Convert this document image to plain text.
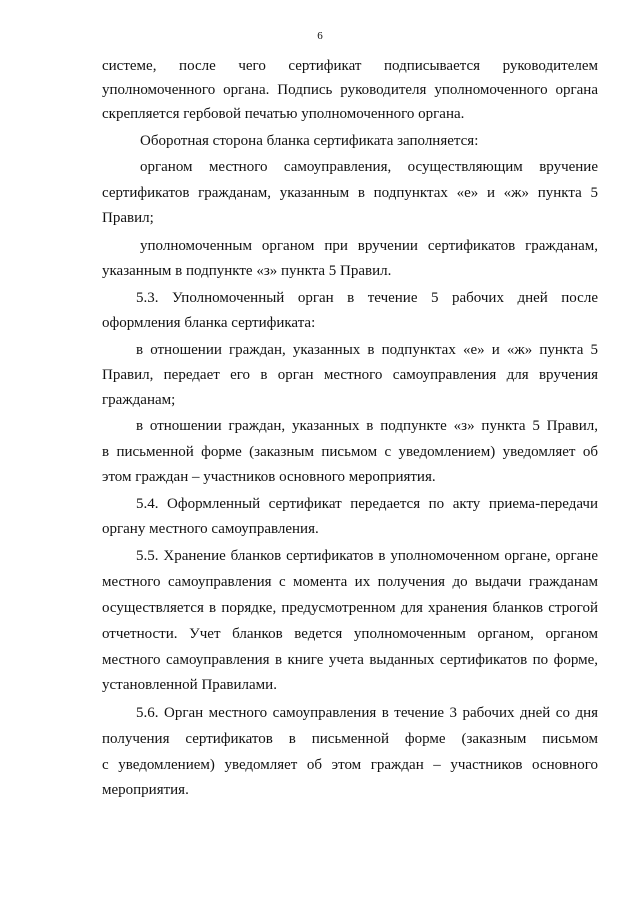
6
системе, после чего сертификат подписывается руководителем
уполномоченного органа. Подпись руководителя уполномоченного органа
скрепляется гербовой печатью уполномоченного органа.
Оборотная сторона бланка сертификата заполняется:
органом местного самоуправления, осуществляющим вручение
сертификатов гражданам, указанным в подпунктах «е» и «ж» пункта 5
Правил;
уполномоченным органом при вручении сертификатов гражданам,
указанным в подпункте «з» пункта 5 Правил.
5.3. Уполномоченный орган в течение 5 рабочих дней после
оформления бланка сертификата:
в отношении граждан, указанных в подпунктах «е» и «ж» пункта 5
Правил, передает его в орган местного самоуправления для вручения
гражданам;
в отношении граждан, указанных в подпункте «з» пункта 5 Правил,
в письменной форме (заказным письмом с уведомлением) уведомляет об
этом граждан – участников основного мероприятия.
5.4. Оформленный сертификат передается по акту приема-передачи
органу местного самоуправления.
5.5. Хранение бланков сертификатов в уполномоченном органе, органе
местного самоуправления с момента их получения до выдачи гражданам
осуществляется в порядке, предусмотренном для хранения бланков строгой
отчетности. Учет бланков ведется уполномоченным органом, органом
местного самоуправления в книге учета выданных сертификатов по форме,
установленной Правилами.
5.6. Орган местного самоуправления в течение 3 рабочих дней со дня
получения сертификатов в письменной форме (заказным письмом
с уведомлением) уведомляет об этом граждан – участников основного
мероприятия.
